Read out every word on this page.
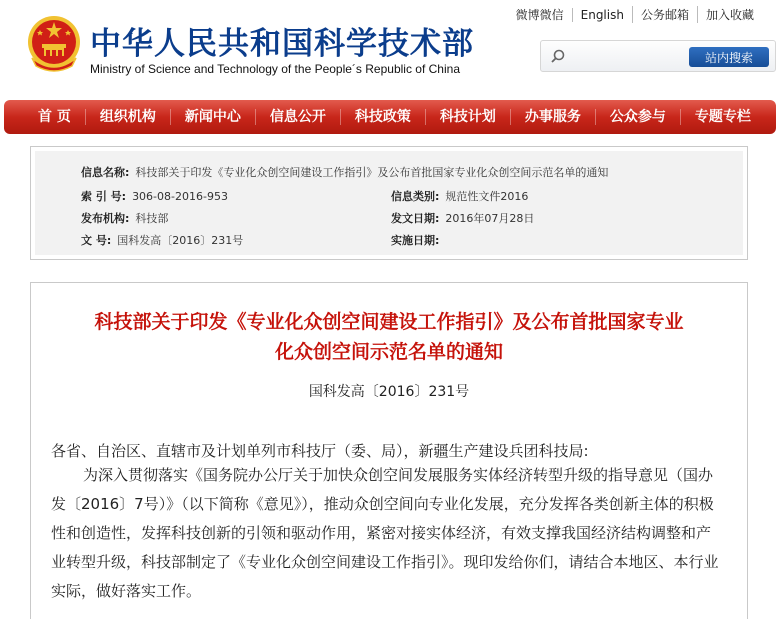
中华人民共和国科学技术部
Ministry of Science and Technology of the People´s Republic of China
微博微信	English	公务邮箱	加入收藏
站内搜索
首 页	组织机构	新闻中心	信息公开	科技政策	科技计划	办事服务	公众参与	专题专栏
信息名称: 科技部关于印发《专业化众创空间建设工作指引》及公布首批国家专业化众创空间示范名单的通知
索 引 号: 306-08-2016-953	信息类别: 规范性文件2016
发布机构: 科技部	发文日期: 2016年07月28日
文 号: 国科发高〔2016〕231号	实施日期:
科技部关于印发《专业化众创空间建设工作指引》及公布首批国家专业
化众创空间示范名单的通知
国科发高〔2016〕231号
各省、自治区、直辖市及计划单列市科技厅（委、局），新疆生产建设兵团科技局:
为深入贯彻落实《国务院办公厅关于加快众创空间发展服务实体经济转型升级的指导意见（国办发〔2016〕7号）》（以下简称《意见》），推动众创空间向专业化发展，充分发挥各类创新主体的积极性和创造性，发挥科技创新的引领和驱动作用，紧密对接实体经济，有效支撑我国经济结构调整和产业转型升级，科技部制定了《专业化众创空间建设工作指引》。现印发给你们，请结合本地区、本行业实际，做好落实工作。
